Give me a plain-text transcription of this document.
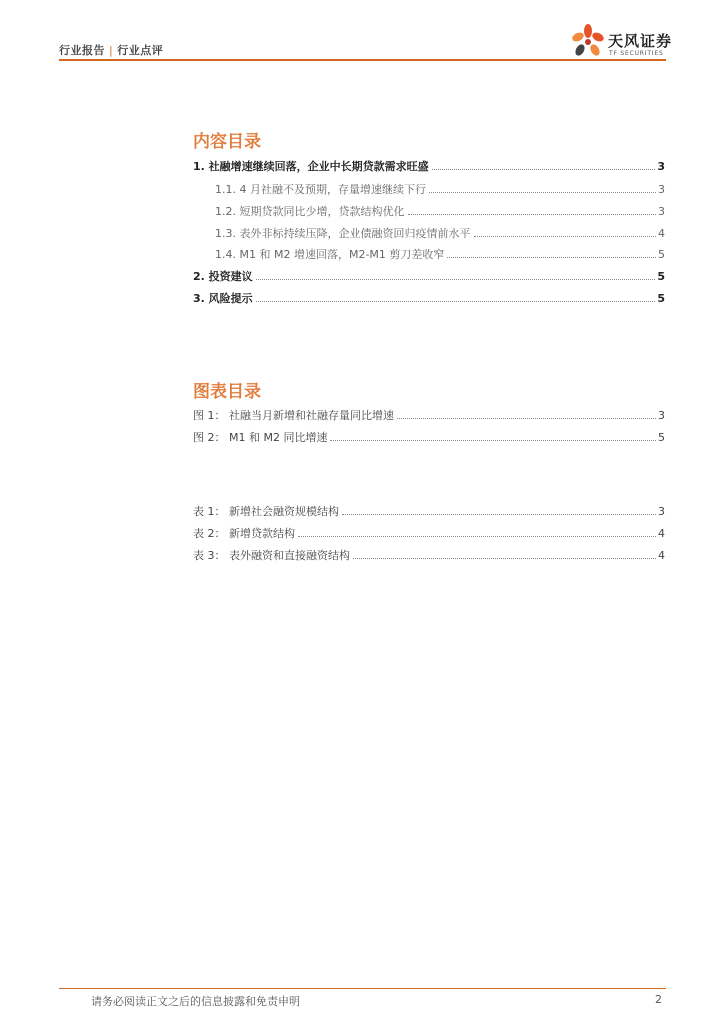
行业报告 | 行业点评
天风证券
TF SECURITIES
内容目录
1. 社融增速继续回落，企业中长期贷款需求旺盛	3
1.1. 4 月社融不及预期，存量增速继续下行	3
1.2. 短期贷款同比少增，贷款结构优化	3
1.3. 表外非标持续压降，企业债融资回归疫情前水平	4
1.4. M1 和 M2 增速回落，M2-M1 剪刀差收窄	5
2. 投资建议	5
3. 风险提示	5
图表目录
图 1： 社融当月新增和社融存量同比增速	3
图 2： M1 和 M2 同比增速	5
表 1： 新增社会融资规模结构	3
表 2： 新增贷款结构	4
表 3： 表外融资和直接融资结构	4
请务必阅读正文之后的信息披露和免责申明	2
